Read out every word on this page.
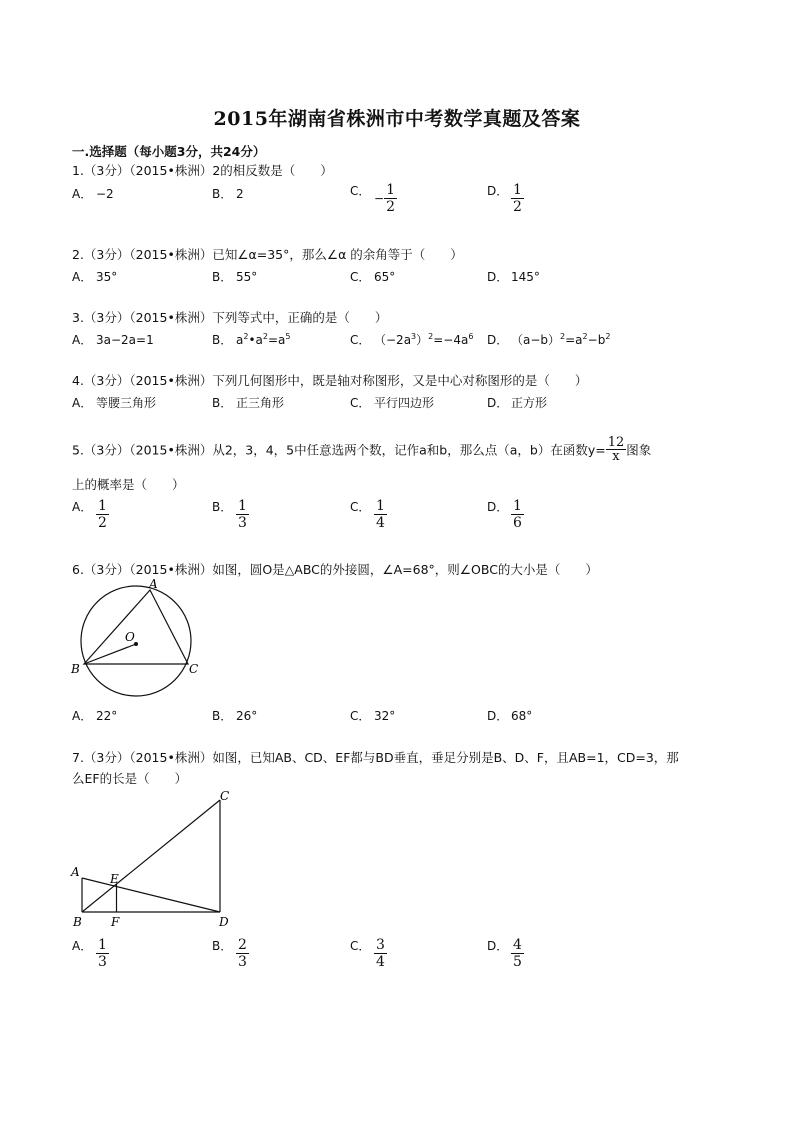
2015年湖南省株洲市中考数学真题及答案
一.选择题（每小题3分，共24分）
1.（3分）（2015•株洲）2的相反数是（　　）
A． −2	B． 2	C．− $\frac{1}{2}$	D． $\frac{1}{2}$
2.（3分）（2015•株洲）已知∠α=35°，那么∠α 的余角等于（　　）
A． 35°	B． 55°	C． 65°	D． 145°
3.（3分）（2015•株洲）下列等式中，正确的是（　　）
A． 3a−2a=1	B． $a^2•a^2=a^5$	C． $(-2a^3)^2=-4a^6$ D． $(a-b)^2=a^2-b^2$
4.（3分）（2015•株洲）下列几何图形中，既是轴对称图形，又是中心对称图形的是（　　）
A． 等腰三角形	B． 正三角形	C． 平行四边形	D． 正方形
5.（3分）（2015•株洲）从2，3，4，5中任意选两个数，记作a和b，那么点（a，b）在函数$y= \frac{12}{x}$ 图象
上的概率是（　　）
A． $\frac{1}{2}$	B． $\frac{1}{3}$	C． $\frac{1}{4}$	D． $\frac{1}{6}$
6.（3分）（2015•株洲）如图，圆O是△ABC的外接圆，∠A=68°，则∠OBC的大小是（　　）
A
B	C
O
A． 22°	B． 26°	C． 32°	D． 68°
7.（3分）（2015•株洲）如图，已知AB、CD、EF都与BD垂直，垂足分别是B、D、F，且AB=1，CD=3，那
么EF的长是（　　）
C
A	E
B F	D
A． $\frac{1}{3}$	B． $\frac{2}{3}$	C． $\frac{3}{4}$	D． $\frac{4}{5}$
